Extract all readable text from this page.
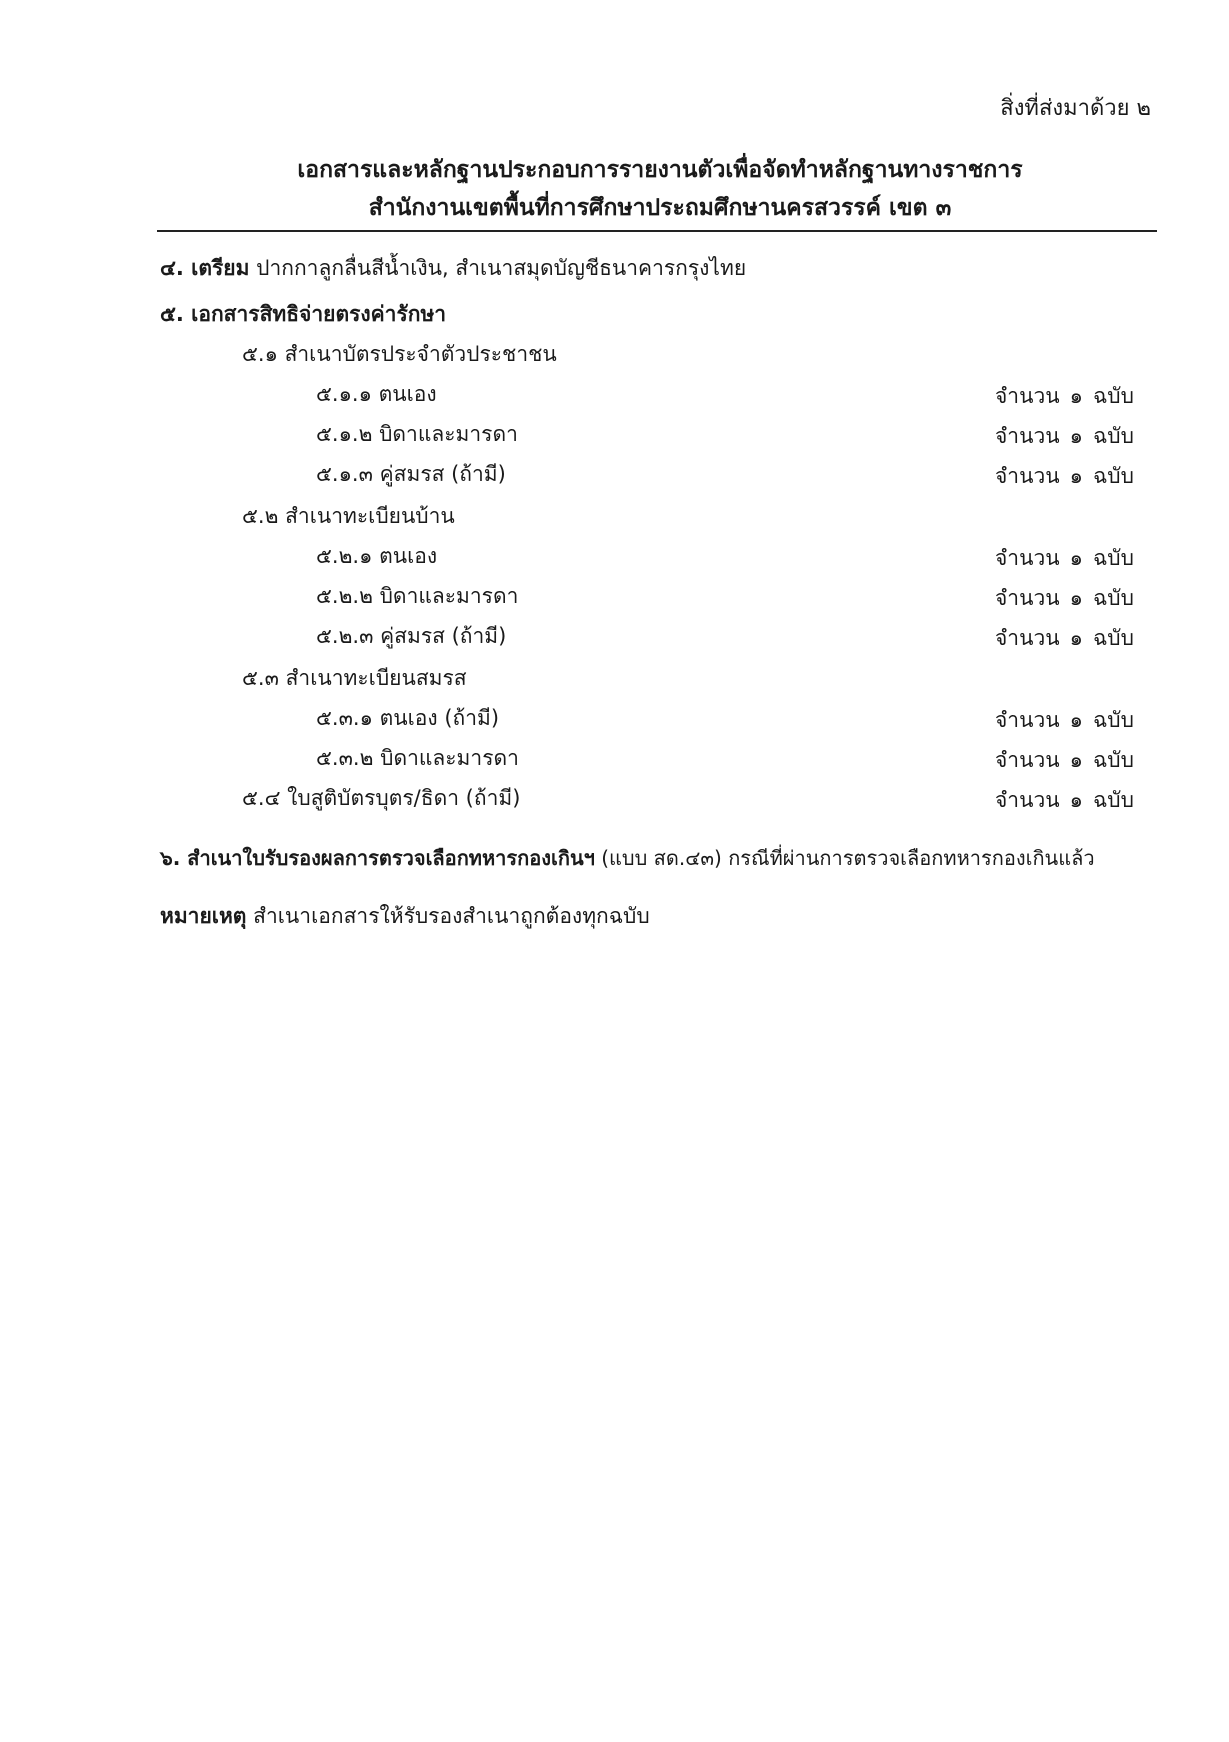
สิ่งที่ส่งมาด้วย ๒
เอกสารและหลักฐานประกอบการรายงานตัวเพื่อจัดทำหลักฐานทางราชการ
สำนักงานเขตพื้นที่การศึกษาประถมศึกษานครสวรรค์ เขต ๓
๔. เตรียม ปากกาลูกลื่นสีน้ำเงิน, สำเนาสมุดบัญชีธนาคารกรุงไทย
๕. เอกสารสิทธิจ่ายตรงค่ารักษา
๕.๑ สำเนาบัตรประจำตัวประชาชน
๕.๑.๑ ตนเอง	จำนวน ๑ ฉบับ
๕.๑.๒ บิดาและมารดา	จำนวน ๑ ฉบับ
๕.๑.๓ คู่สมรส (ถ้ามี)	จำนวน ๑ ฉบับ
๕.๒ สำเนาทะเบียนบ้าน
๕.๒.๑ ตนเอง	จำนวน ๑ ฉบับ
๕.๒.๒ บิดาและมารดา	จำนวน ๑ ฉบับ
๕.๒.๓ คู่สมรส (ถ้ามี)	จำนวน ๑ ฉบับ
๕.๓ สำเนาทะเบียนสมรส
๕.๓.๑ ตนเอง (ถ้ามี)	จำนวน ๑ ฉบับ
๕.๓.๒ บิดาและมารดา	จำนวน ๑ ฉบับ
๕.๔ ใบสูติบัตรบุตร/ธิดา (ถ้ามี)	จำนวน ๑ ฉบับ
๖. สำเนาใบรับรองผลการตรวจเลือกทหารกองเกินฯ (แบบ สด.๔๓) กรณีที่ผ่านการตรวจเลือกทหารกองเกินแล้ว
หมายเหตุ สำเนาเอกสารให้รับรองสำเนาถูกต้องทุกฉบับ
